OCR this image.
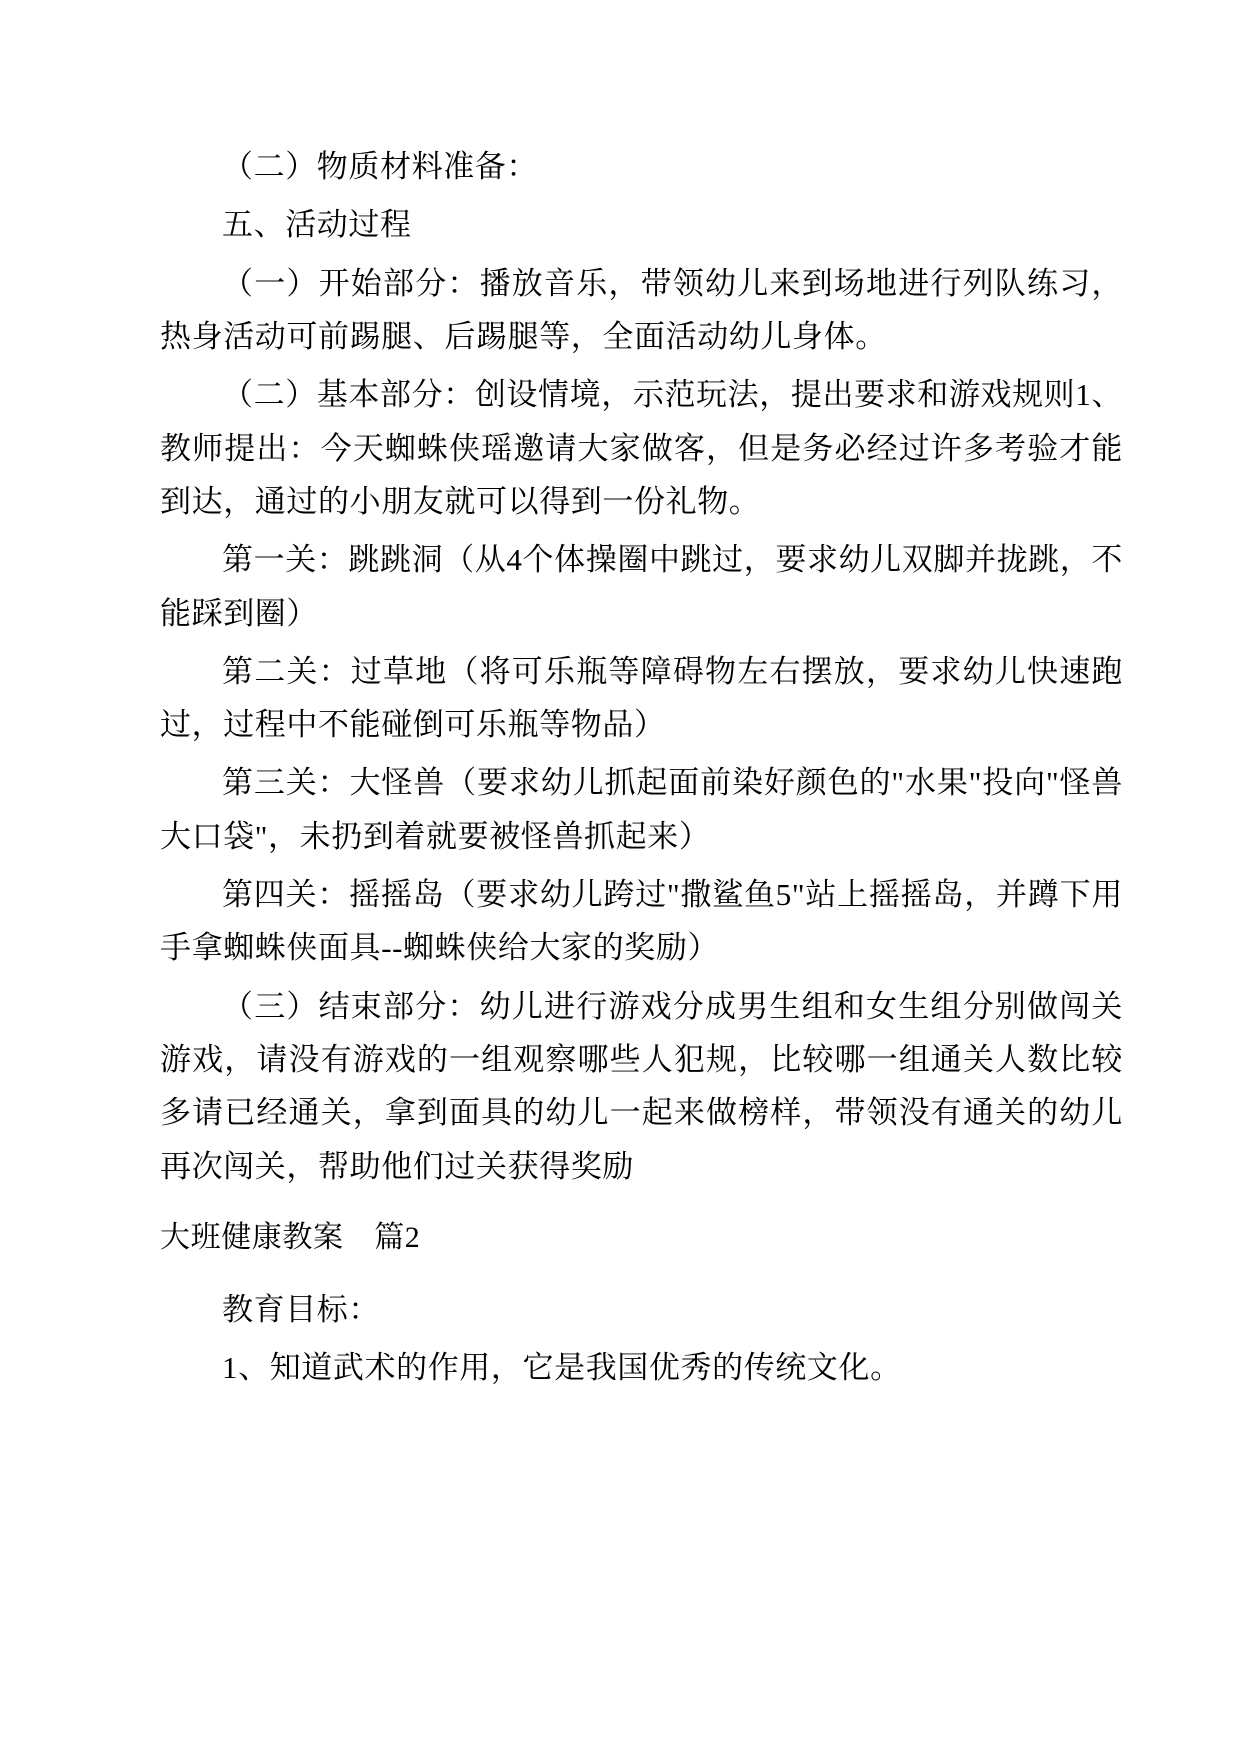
（二）物质材料准备：

五、活动过程

（一）开始部分：播放音乐，带领幼儿来到场地进行列队练习，热身活动可前踢腿、后踢腿等，全面活动幼儿身体。

（二）基本部分：创设情境，示范玩法，提出要求和游戏规则1、教师提出：今天蜘蛛侠瑶邀请大家做客，但是务必经过许多考验才能到达，通过的小朋友就可以得到一份礼物。

第一关：跳跳洞（从4个体操圈中跳过，要求幼儿双脚并拢跳，不能踩到圈）

第二关：过草地（将可乐瓶等障碍物左右摆放，要求幼儿快速跑过，过程中不能碰倒可乐瓶等物品）

第三关：大怪兽（要求幼儿抓起面前染好颜色的"水果"投向"怪兽大口袋"，未扔到着就要被怪兽抓起来）

第四关：摇摇岛（要求幼儿跨过"撒鲨鱼5"站上摇摇岛，并蹲下用手拿蜘蛛侠面具--蜘蛛侠给大家的奖励）

（三）结束部分：幼儿进行游戏分成男生组和女生组分别做闯关游戏，请没有游戏的一组观察哪些人犯规，比较哪一组通关人数比较多请已经通关，拿到面具的幼儿一起来做榜样，带领没有通关的幼儿再次闯关，帮助他们过关获得奖励

大班健康教案　篇2

教育目标：

1、知道武术的作用，它是我国优秀的传统文化。
